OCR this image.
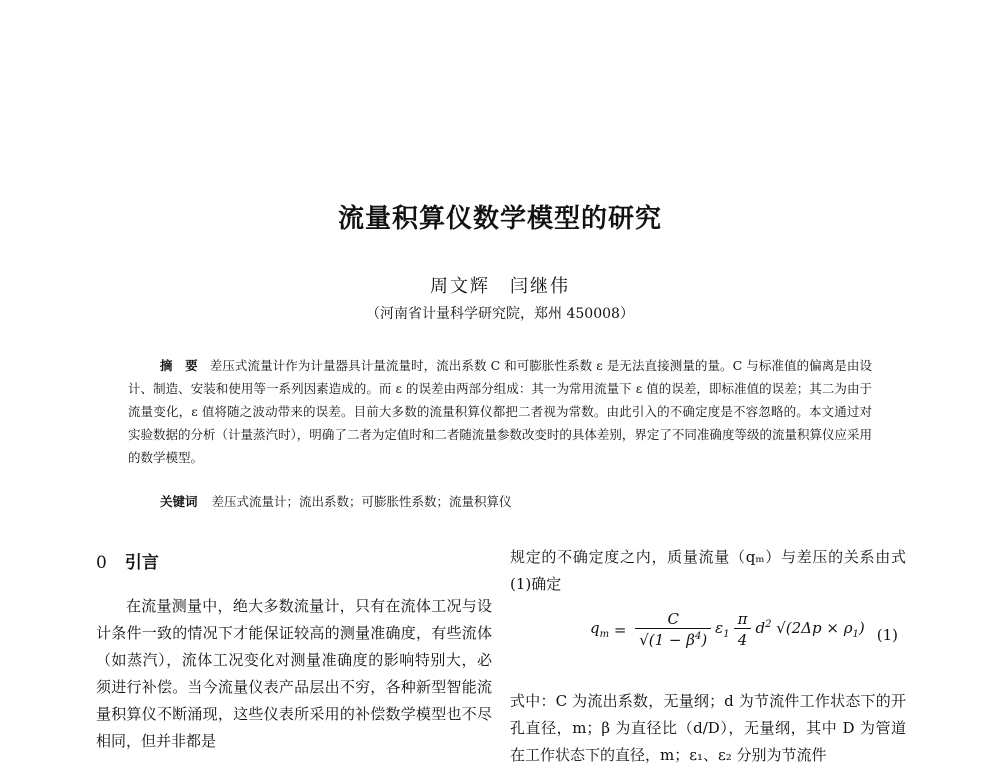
流量积算仪数学模型的研究
周文辉　闫继伟
（河南省计量科学研究院，郑州 450008）
摘　要 差压式流量计作为计量器具计量流量时，流出系数 C 和可膨胀性系数 ε 是无法直接测量的量。C 与标准值的偏离是由设计、制造、安装和使用等一系列因素造成的。而 ε 的误差由两部分组成：其一为常用流量下 ε 值的误差，即标准值的误差；其二为由于流量变化，ε 值将随之波动带来的误差。目前大多数的流量积算仪都把二者视为常数。由此引入的不确定度是不容忽略的。本文通过对实验数据的分析（计量蒸汽时），明确了二者为定值时和二者随流量参数改变时的具体差别，界定了不同准确度等级的流量积算仪应采用的数学模型。
关键词 差压式流量计；流出系数；可膨胀性系数；流量积算仪
0 引言
在流量测量中，绝大多数流量计，只有在流体工况与设计条件一致的情况下才能保证较高的测量准确度，有些流体（如蒸汽），流体工况变化对测量准确度的影响特别大，必须进行补偿。当今流量仪表产品层出不穷，各种新型智能流量积算仪不断涌现，这些仪表所采用的补偿数学模型也不尽相同，但并非都是
规定的不确定度之内，质量流量（qₘ）与差压的关系由式(1)确定
$q_m = \frac{C}{√(1 - \beta^4)} \varepsilon_1 \frac{\pi}{4} d^2$ $√(2\Delta p \times \rho_1)$ (1)
式中：C 为流出系数，无量纲；d 为节流件工作状态下的开孔直径，m；β 为直径比（d/D），无量纲，其中 D 为管道在工作状态下的直径，m；ε₁、ε₂ 分别为节流件
